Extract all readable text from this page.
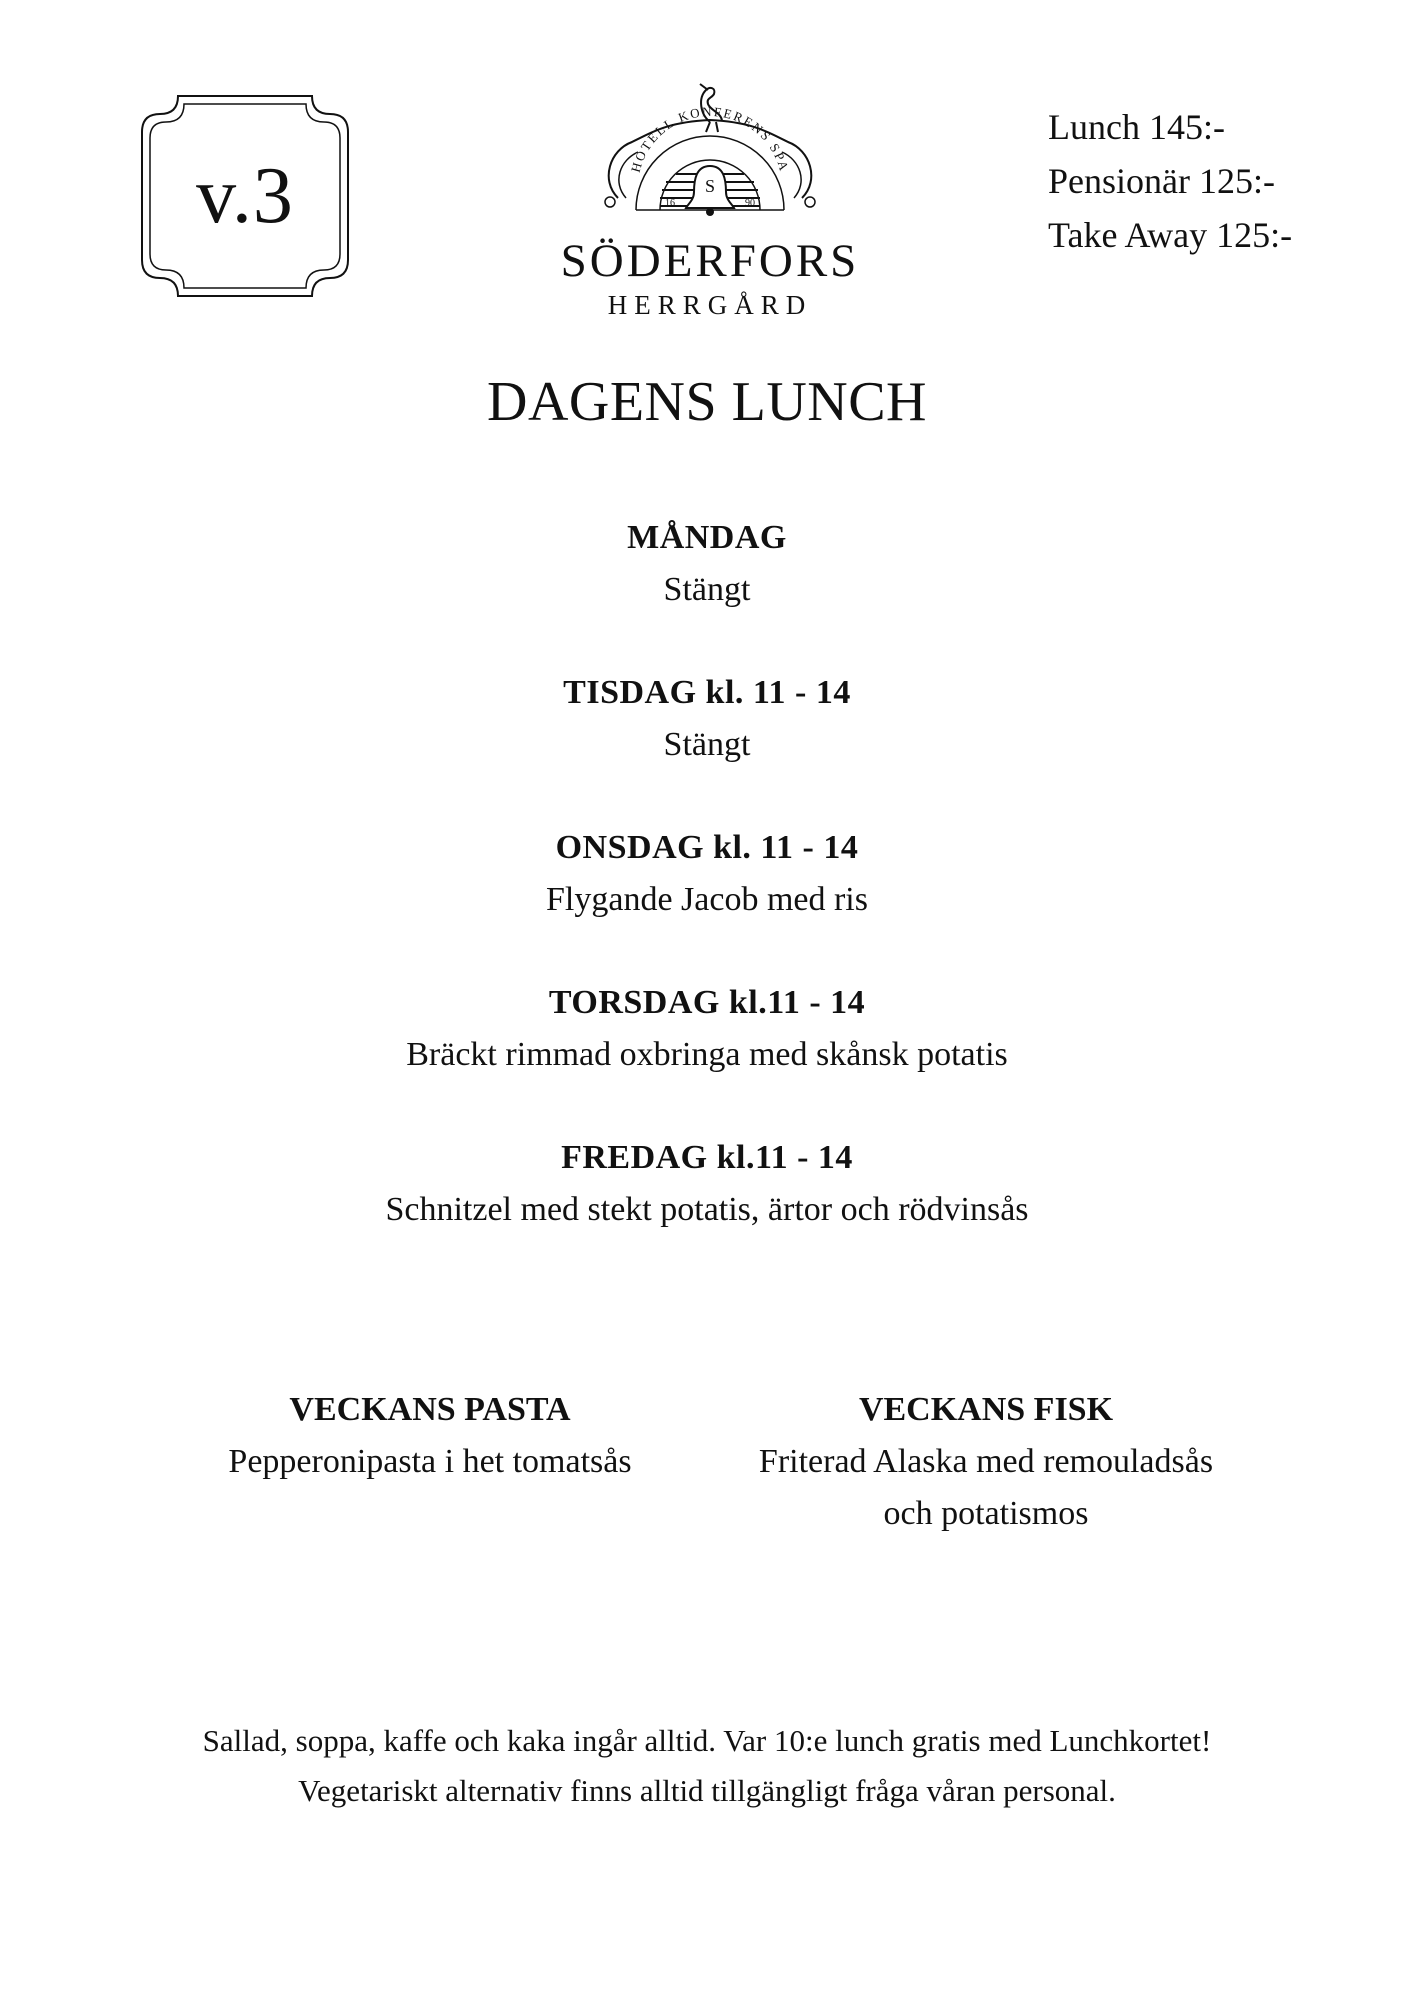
v.3	HOTELL KONFERENS SPA
S
16	90
SÖDERFORS
HERRGÅRD
Lunch 145:-
Pensionär 125:-
Take Away 125:-
DAGENS LUNCH
MÅNDAG
Stängt
TISDAG kl. 11 - 14
Stängt
ONSDAG kl. 11 - 14
Flygande Jacob med ris
TORSDAG kl.11 - 14
Bräckt rimmad oxbringa med skånsk potatis
FREDAG kl.11 - 14
Schnitzel med stekt potatis, ärtor och rödvinsås
VECKANS PASTA
Pepperonipasta i het tomatsås
VECKANS FISK
Friterad Alaska med remouladsås
och potatismos
Sallad, soppa, kaffe och kaka ingår alltid. Var 10:e lunch gratis med Lunchkortet!
Vegetariskt alternativ finns alltid tillgängligt fråga våran personal.
